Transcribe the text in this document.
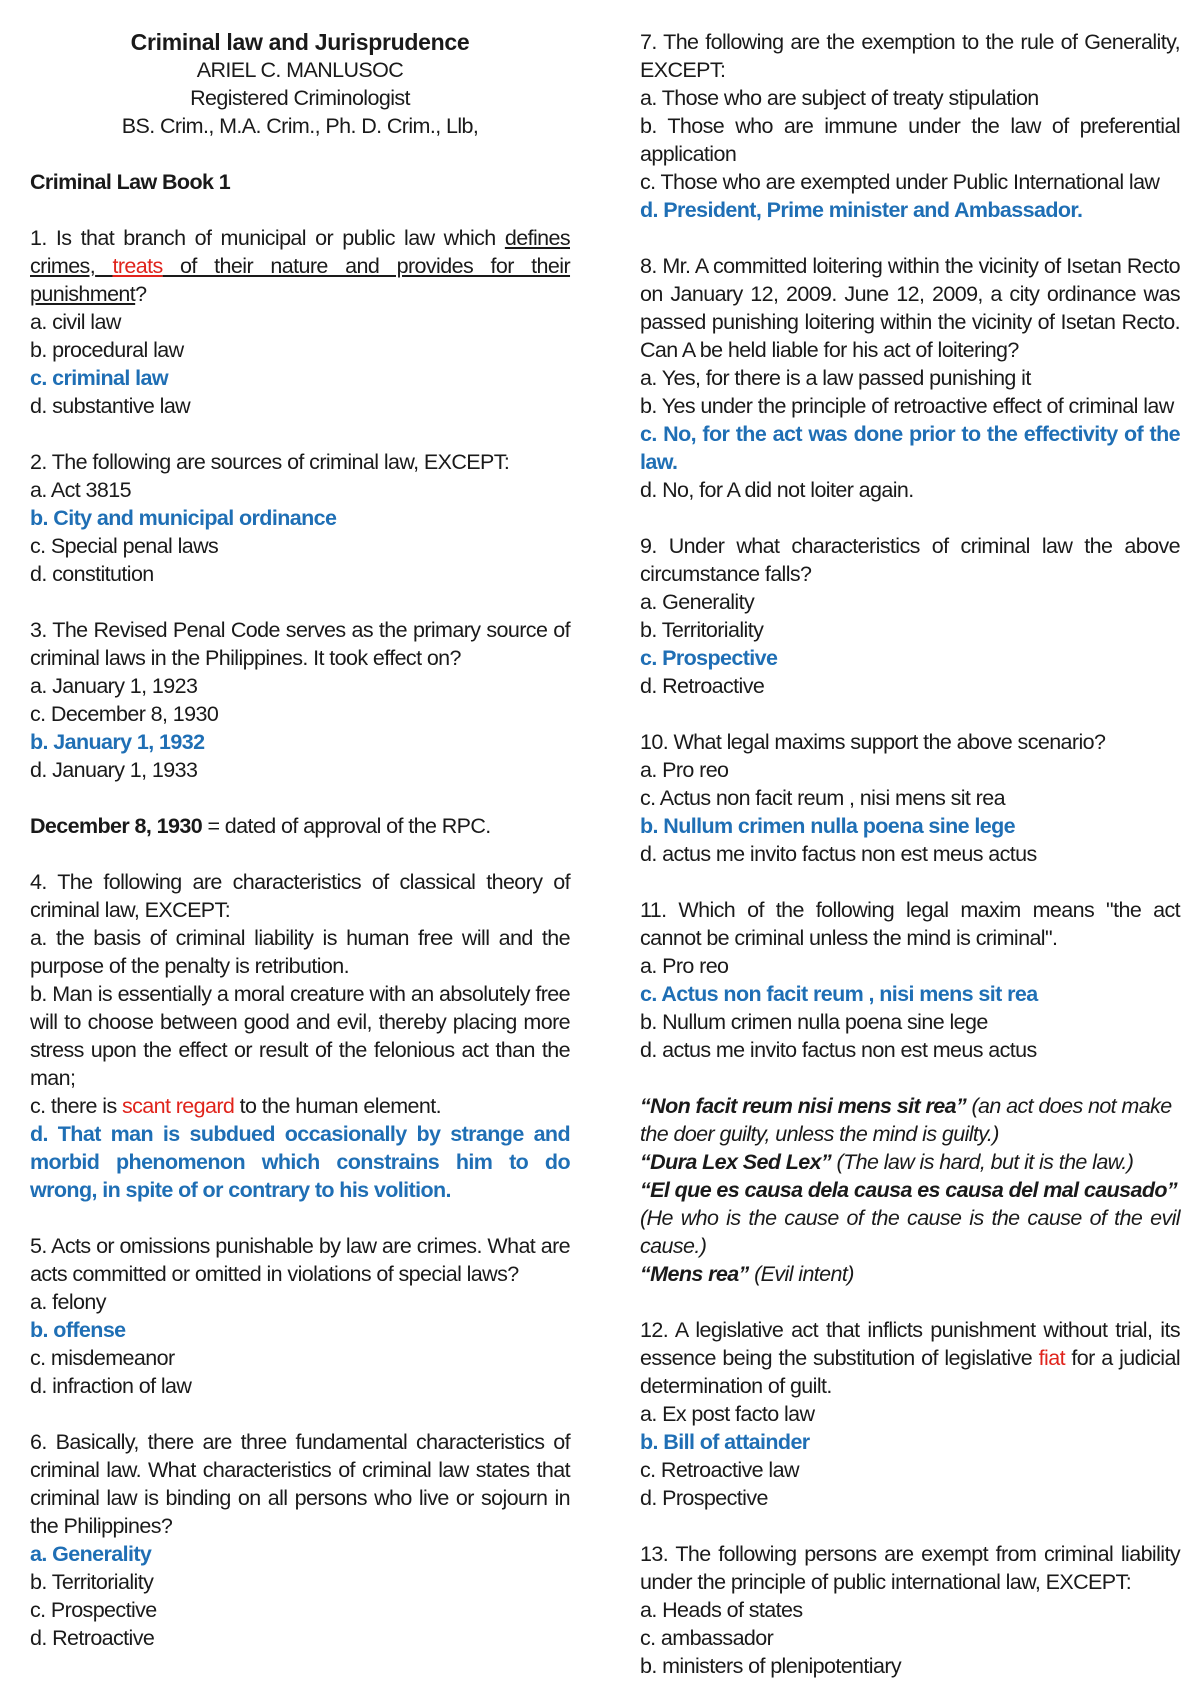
Criminal law and Jurisprudence

ARIEL C. MANLUSOC

Registered Criminologist

BS. Crim., M.A. Crim., Ph. D. Crim., Llb,

Criminal Law Book 1

1. Is that branch of municipal or public law which defines crimes, treats of their nature and provides for their punishment?

a. civil law

b. procedural law

c. criminal law

d. substantive law

2. The following are sources of criminal law, EXCEPT:

a. Act 3815

b. City and municipal ordinance

c. Special penal laws

d. constitution

3. The Revised Penal Code serves as the primary source of criminal laws in the Philippines. It took effect on?

a. January 1, 1923

c. December 8, 1930

b. January 1, 1932

d. January 1, 1933

December 8, 1930 = dated of approval of the RPC.

4. The following are characteristics of classical theory of criminal law, EXCEPT:

a. the basis of criminal liability is human free will and the purpose of the penalty is retribution.

b. Man is essentially a moral creature with an absolutely free will to choose between good and evil, thereby placing more stress upon the effect or result of the felonious act than the man;

c. there is scant regard to the human element.

d. That man is subdued occasionally by strange and morbid phenomenon which constrains him to do wrong, in spite of or contrary to his volition.

5. Acts or omissions punishable by law are crimes. What are acts committed or omitted in violations of special laws?

a. felony

b. offense

c. misdemeanor

d. infraction of law

6. Basically, there are three fundamental characteristics of criminal law. What characteristics of criminal law states that criminal law is binding on all persons who live or sojourn in the Philippines?

a. Generality

b. Territoriality

c. Prospective

d. Retroactive

7. The following are the exemption to the rule of Generality, EXCEPT:

a. Those who are subject of treaty stipulation

b. Those who are immune under the law of preferential application

c. Those who are exempted under Public International law

d. President, Prime minister and Ambassador.

8. Mr. A committed loitering within the vicinity of Isetan Recto on January 12, 2009. June 12, 2009, a city ordinance was passed punishing loitering within the vicinity of Isetan Recto. Can A be held liable for his act of loitering?

a. Yes, for there is a law passed punishing it

b. Yes under the principle of retroactive effect of criminal law

c. No, for the act was done prior to the effectivity of the law.

d. No, for A did not loiter again.

9. Under what characteristics of criminal law the above circumstance falls?

a. Generality

b. Territoriality

c. Prospective

d. Retroactive

10. What legal maxims support the above scenario?

a. Pro reo

c. Actus non facit reum , nisi mens sit rea

b. Nullum crimen nulla poena sine lege

d. actus me invito factus non est meus actus

11. Which of the following legal maxim means "the act cannot be criminal unless the mind is criminal".

a. Pro reo

c. Actus non facit reum , nisi mens sit rea

b. Nullum crimen nulla poena sine lege

d. actus me invito factus non est meus actus

“Non facit reum nisi mens sit rea” (an act does not make the doer guilty, unless the mind is guilty.)

“Dura Lex Sed Lex” (The law is hard, but it is the law.)

“El que es causa dela causa es causa del mal causado”

(He who is the cause of the cause is the cause of the evil cause.)

“Mens rea” (Evil intent)

12. A legislative act that inflicts punishment without trial, its essence being the substitution of legislative fiat for a judicial determination of guilt.

a. Ex post facto law

b. Bill of attainder

c. Retroactive law

d. Prospective

13. The following persons are exempt from criminal liability under the principle of public international law, EXCEPT:

a. Heads of states

c. ambassador

b. ministers of plenipotentiary
